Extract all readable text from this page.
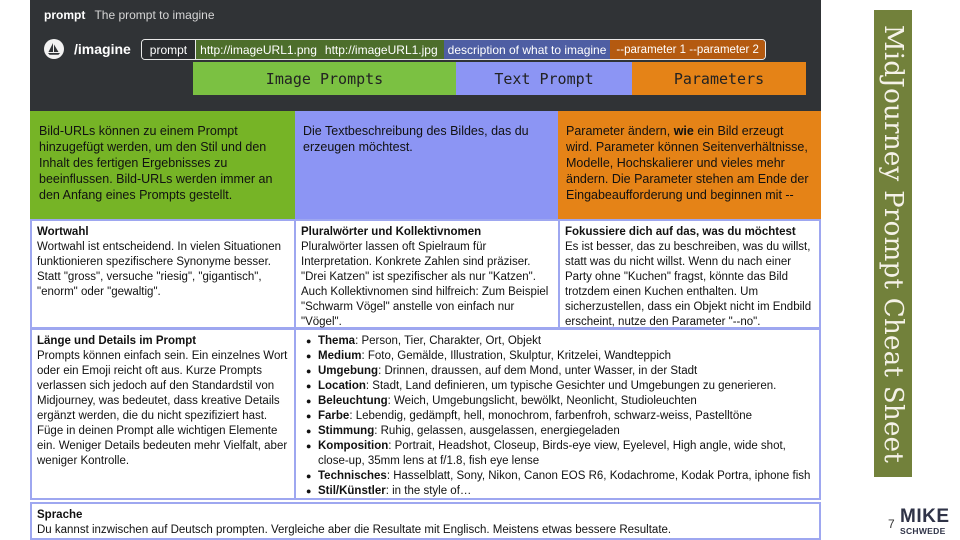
prompt The prompt to imagine
/imagine	prompt	http://imageURL1.png http://imageURL1.jpg description of what to imagine --parameter 1 --parameter 2
Image Prompts	Text Prompt	Parameters
Bild-URLs können zu einem Prompt hinzugefügt werden, um den Stil und den Inhalt des fertigen Ergebnisses zu beeinflussen. Bild-URLs werden immer an den Anfang eines Prompts gestellt.
Die Textbeschreibung des Bildes, das du erzeugen möchtest.
Parameter ändern, wie ein Bild erzeugt wird. Parameter können Seitenverhältnisse, Modelle, Hochskalierer und vieles mehr ändern. Die Parameter stehen am Ende der Eingabeaufforderung und beginnen mit --
Wortwahl
Wortwahl ist entscheidend. In vielen Situationen funktionieren spezifischere Synonyme besser. Statt "gross", versuche "riesig", "gigantisch", "enorm" oder "gewaltig".
Pluralwörter und Kollektivnomen
Pluralwörter lassen oft Spielraum für Interpretation. Konkrete Zahlen sind präziser. "Drei Katzen" ist spezifischer als nur "Katzen". Auch Kollektivnomen sind hilfreich: Zum Beispiel "Schwarm Vögel" anstelle von einfach nur "Vögel".
Fokussiere dich auf das, was du möchtest
Es ist besser, das zu beschreiben, was du willst, statt was du nicht willst. Wenn du nach einer Party ohne "Kuchen" fragst, könnte das Bild trotzdem einen Kuchen enthalten. Um sicherzustellen, dass ein Objekt nicht im Endbild erscheint, nutze den Parameter "--no".
Länge und Details im Prompt
Prompts können einfach sein. Ein einzelnes Wort oder ein Emoji reicht oft aus. Kurze Prompts verlassen sich jedoch auf den Standardstil von Midjourney, was bedeutet, dass kreative Details ergänzt werden, die du nicht spezifiziert hast. Füge in deinen Prompt alle wichtigen Elemente ein. Weniger Details bedeuten mehr Vielfalt, aber weniger Kontrolle.
● Thema: Person, Tier, Charakter, Ort, Objekt
● Medium: Foto, Gemälde, Illustration, Skulptur, Kritzelei, Wandteppich
● Umgebung: Drinnen, draussen, auf dem Mond, unter Wasser, in der Stadt
● Location: Stadt, Land definieren, um typische Gesichter und Umgebungen zu generieren.
● Beleuchtung: Weich, Umgebungslicht, bewölkt, Neonlicht, Studioleuchten
● Farbe: Lebendig, gedämpft, hell, monochrom, farbenfroh, schwarz-weiss, Pastelltöne
● Stimmung: Ruhig, gelassen, ausgelassen, energiegeladen
● Komposition: Portrait, Headshot, Closeup, Birds-eye view, Eyelevel, High angle, wide shot, close-up, 35mm lens at f/1.8, fish eye lense
● Technisches: Hasselblatt, Sony, Nikon, Canon EOS R6, Kodachrome, Kodak Portra, iphone fish
● Stil/Künstler: in the style of…
Sprache
Du kannst inzwischen auf Deutsch prompten. Vergleiche aber die Resultate mit Englisch. Meistens etwas bessere Resultate.
MidJourney Prompt Cheat Sheet
7 MIKE
SCHWEDE
